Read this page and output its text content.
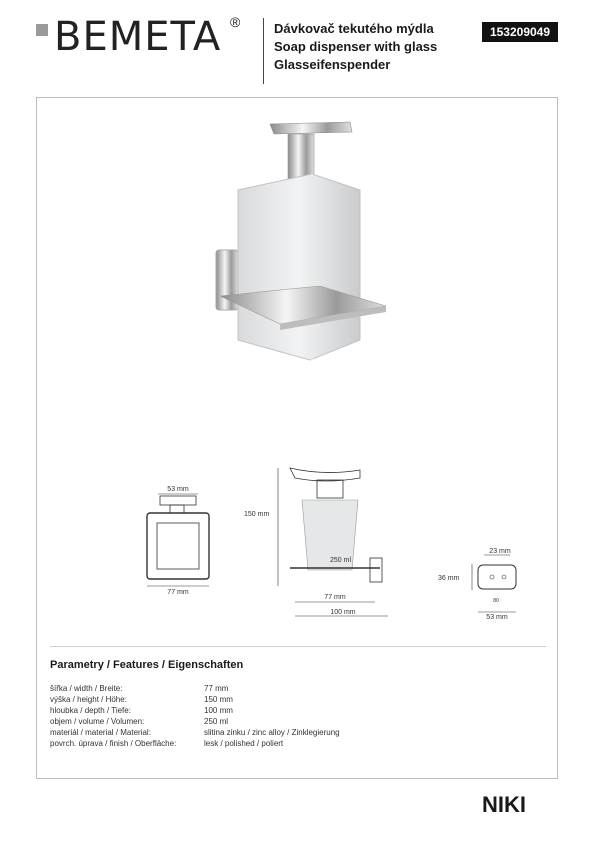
BEMETA ®	Dávkovač tekutého mýdla
Soap dispenser with glass
Glasseifenspender
153209049
53 mm
77 mm
150 mm
250 ml
77 mm
100 mm
23 mm
36 mm
80
53 mm
Parametry / Features / Eigenschaften
šířka / width / Breite:	77 mm
výška / height / Höhe:	150 mm
hloubka / depth / Tiefe:	100 mm
objem / volume / Volumen:	250 ml
materiál / material / Material:	slitina zinku / zinc alloy / Zinklegierung
povrch. úprava / finish / Oberfläche:	lesk / polished / poliert
NIKI
